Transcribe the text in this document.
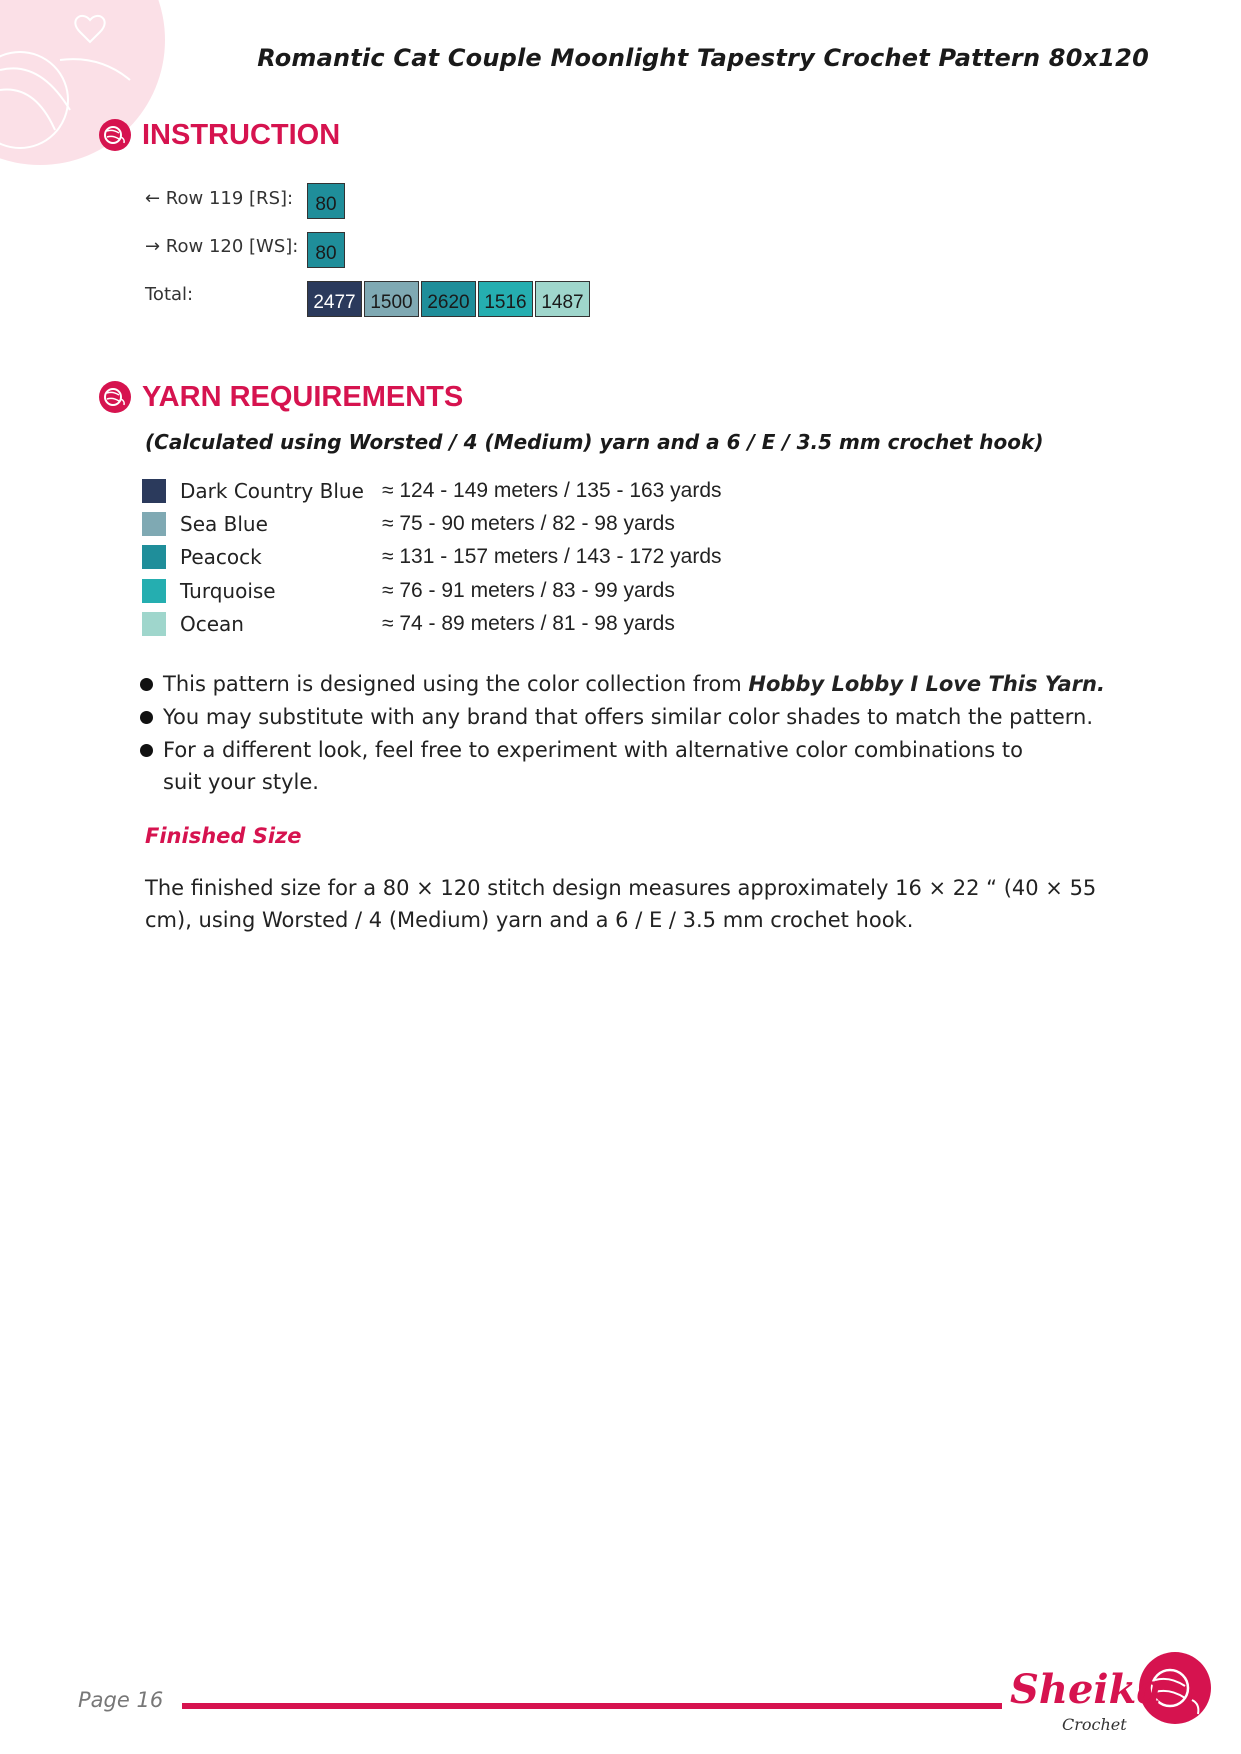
Romantic Cat Couple Moonlight Tapestry Crochet Pattern 80x120
INSTRUCTION
← Row 119 [RS]:	80
→ Row 120 [WS]: 80
Total:	2477 1500 2620 1516 1487
YARN REQUIREMENTS
(Calculated using Worsted / 4 (Medium) yarn and a 6 / E / 3.5 mm crochet hook)
Dark Country Blue ≈ 124 - 149 meters / 135 - 163 yards
Sea Blue	≈ 75 - 90 meters / 82 - 98 yards
Peacock	≈ 131 - 157 meters / 143 - 172 yards
Turquoise	≈ 76 - 91 meters / 83 - 99 yards
Ocean	≈ 74 - 89 meters / 81 - 98 yards
This pattern is designed using the color collection from Hobby Lobby I Love This Yarn.
You may substitute with any brand that offers similar color shades to match the pattern.
For a different look, feel free to experiment with alternative color combinations to suit your style.
Finished Size
The finished size for a 80 × 120 stitch design measures approximately 16 × 22 “ (40 × 55 cm), using Worsted / 4 (Medium) yarn and a 6 / E / 3.5 mm crochet hook.
Page 16	Sheika
Crochet
